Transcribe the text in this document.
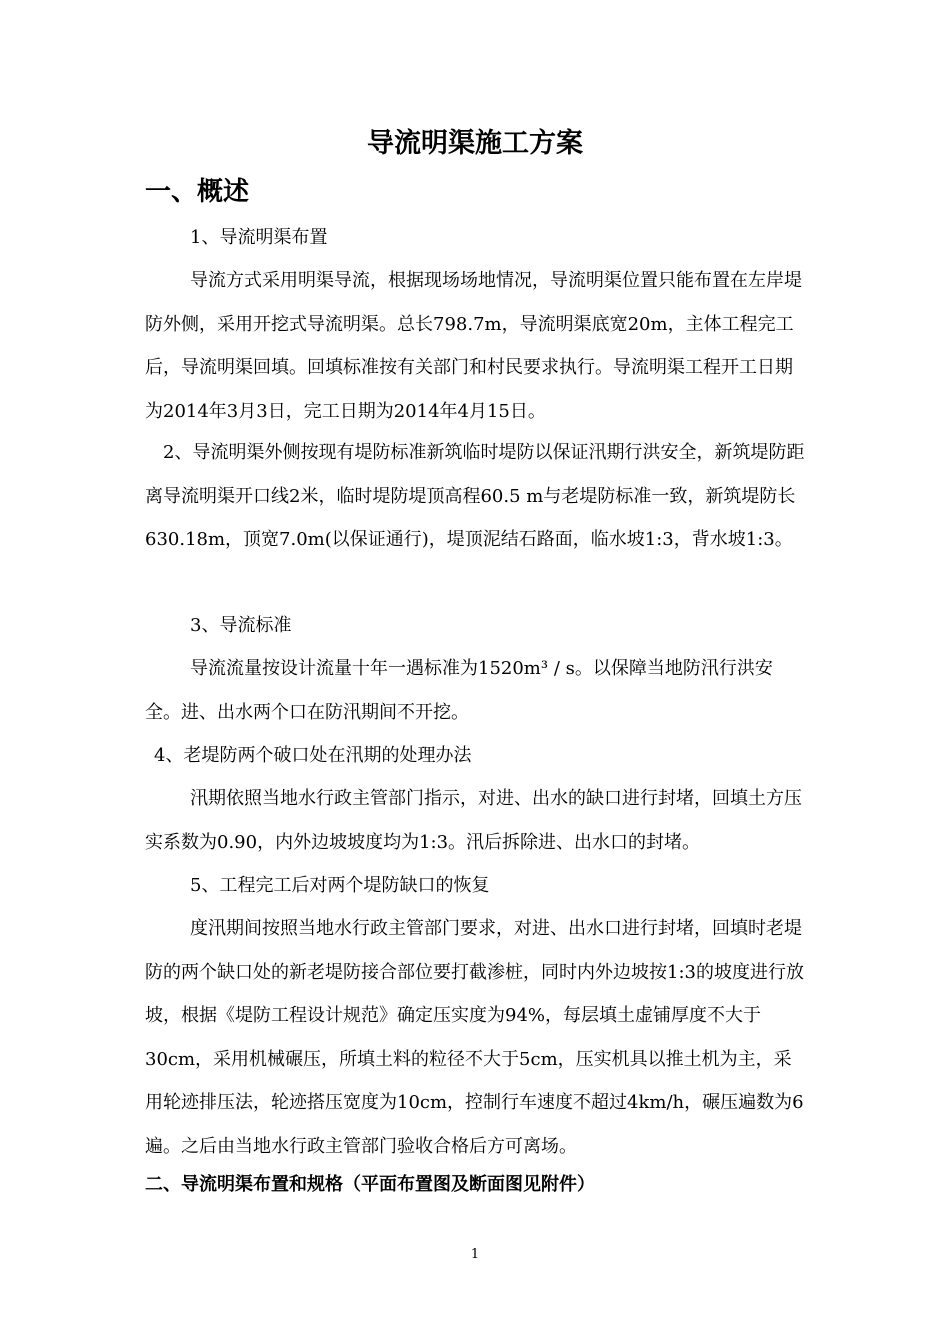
导流明渠施工方案
一、概述

1、导流明渠布置

导流方式采用明渠导流，根据现场场地情况，导流明渠位置只能布置在左岸堤防外侧，采用开挖式导流明渠。总长798.7m，导流明渠底宽20m，主体工程完工后，导流明渠回填。回填标准按有关部门和村民要求执行。导流明渠工程开工日期为2014年3月3日，完工日期为2014年4月15日。

2、导流明渠外侧按现有堤防标准新筑临时堤防以保证汛期行洪安全，新筑堤防距离导流明渠开口线2米，临时堤防堤顶高程60.5 m与老堤防标准一致，新筑堤防长630.18m，顶宽7.0m(以保证通行)，堤顶泥结石路面，临水坡1:3，背水坡1:3。

3、导流标准

导流流量按设计流量十年一遇标准为1520m³ / s。以保障当地防汛行洪安全。进、出水两个口在防汛期间不开挖。

4、老堤防两个破口处在汛期的处理办法

汛期依照当地水行政主管部门指示，对进、出水的缺口进行封堵，回填土方压实系数为0.90，内外边坡坡度均为1:3。汛后拆除进、出水口的封堵。

5、工程完工后对两个堤防缺口的恢复

度汛期间按照当地水行政主管部门要求，对进、出水口进行封堵，回填时老堤防的两个缺口处的新老堤防接合部位要打截渗桩，同时内外边坡按1:3的坡度进行放坡，根据《堤防工程设计规范》确定压实度为94%，每层填土虚铺厚度不大于30cm，采用机械碾压，所填土料的粒径不大于5cm，压实机具以推土机为主，采用轮迹排压法，轮迹搭压宽度为10cm，控制行车速度不超过4km/h，碾压遍数为6遍。之后由当地水行政主管部门验收合格后方可离场。

二、导流明渠布置和规格（平面布置图及断面图见附件）
1
